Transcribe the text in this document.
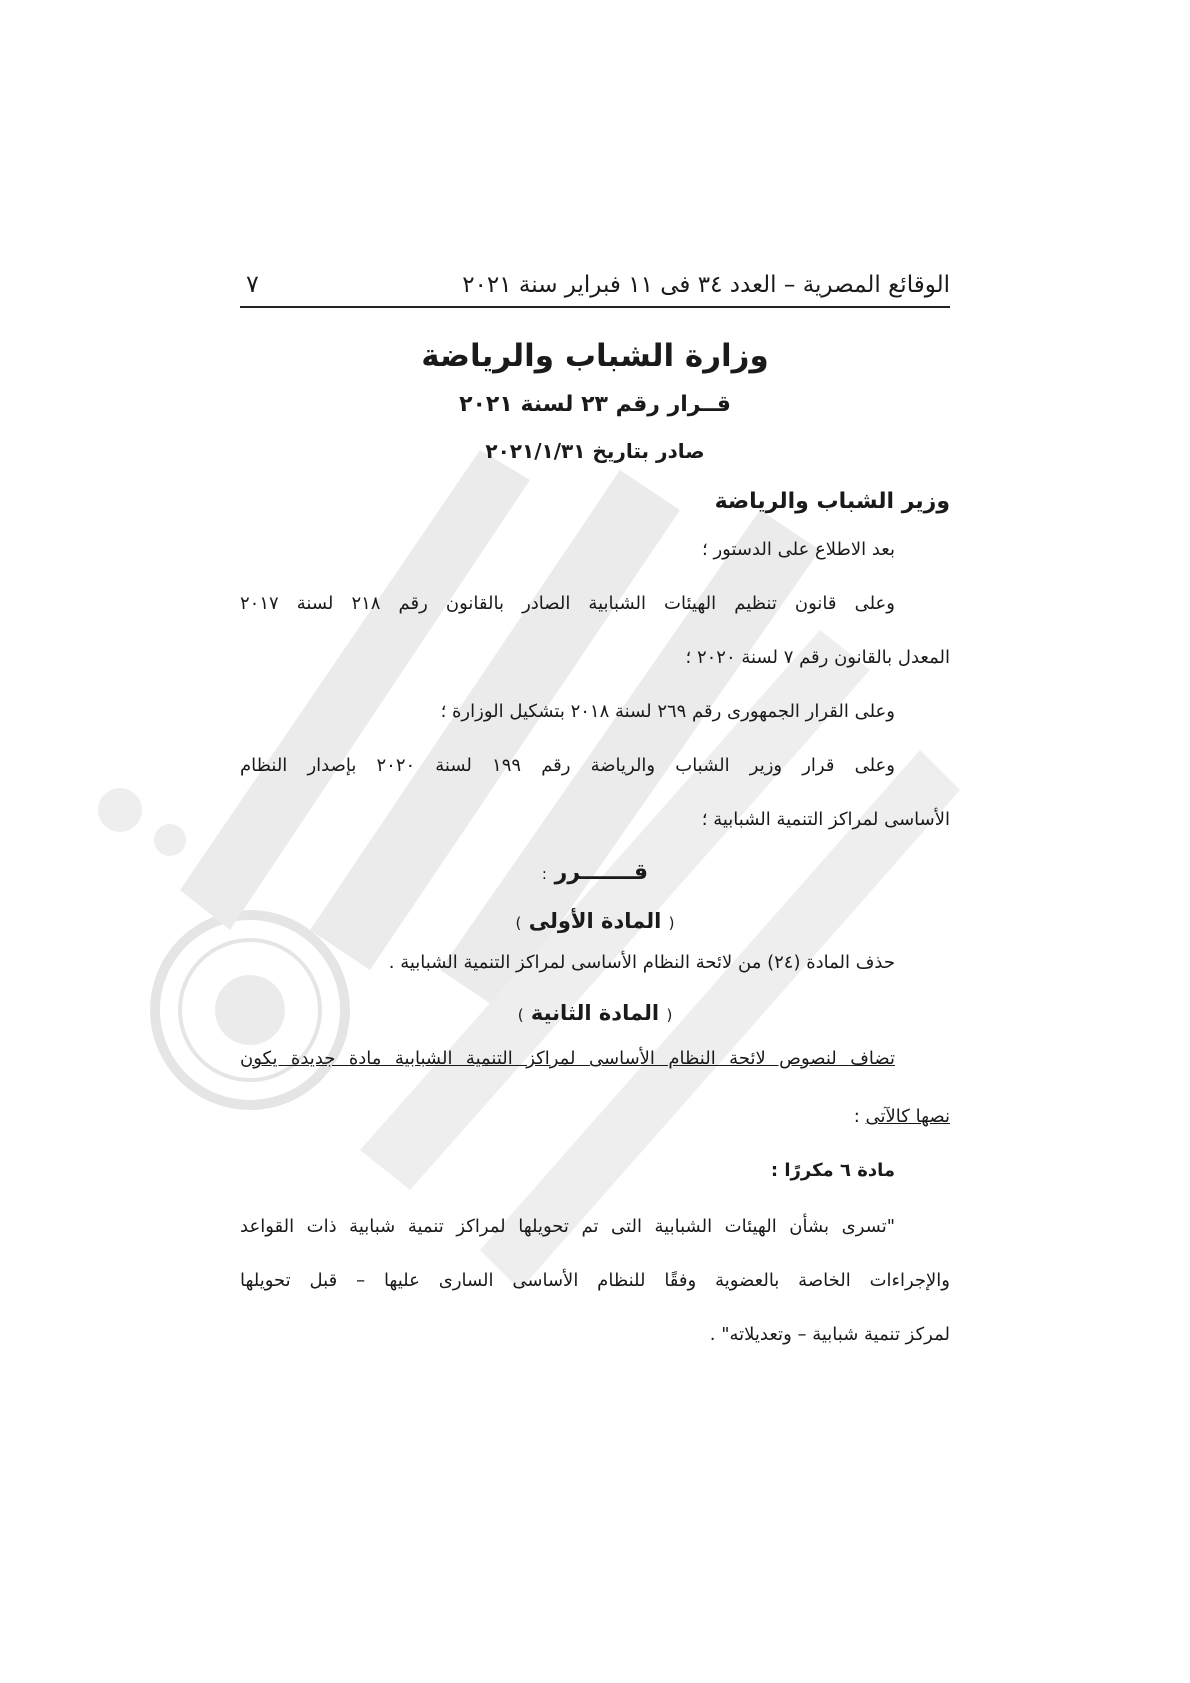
الوقائع المصرية – العدد ٣٤ فى ١١ فبراير سنة ٢٠٢١
٧
وزارة الشباب والرياضة
قــرار رقم ٢٣ لسنة ٢٠٢١
صادر بتاريخ ٢٠٢١/١/٣١
وزير الشباب والرياضة

بعد الاطلاع على الدستور ؛

وعلى قانون تنظيم الهيئات الشبابية الصادر بالقانون رقم ٢١٨ لسنة ٢٠١٧

المعدل بالقانون رقم ٧ لسنة ٢٠٢٠ ؛

وعلى القرار الجمهورى رقم ٢٦٩ لسنة ٢٠١٨ بتشكيل الوزارة ؛

وعلى قرار وزير الشباب والرياضة رقم ١٩٩ لسنة ٢٠٢٠ بإصدار النظام

الأساسى لمراكز التنمية الشبابية ؛

قـــــــرر :
( المادة الأولى )

حذف المادة (٢٤) من لائحة النظام الأساسى لمراكز التنمية الشبابية .

( المادة الثانية )

تضاف لنصوص لائحة النظام الأساسى لمراكز التنمية الشبابية مادة جديدة يكون

نصها كالآتى :

مادة ٦ مكررًا :

"تسرى بشأن الهيئات الشبابية التى تم تحويلها لمراكز تنمية شبابية ذات القواعد

والإجراءات الخاصة بالعضوية وفقًا للنظام الأساسى السارى عليها – قبل تحويلها

لمركز تنمية شبابية – وتعديلاته" .
